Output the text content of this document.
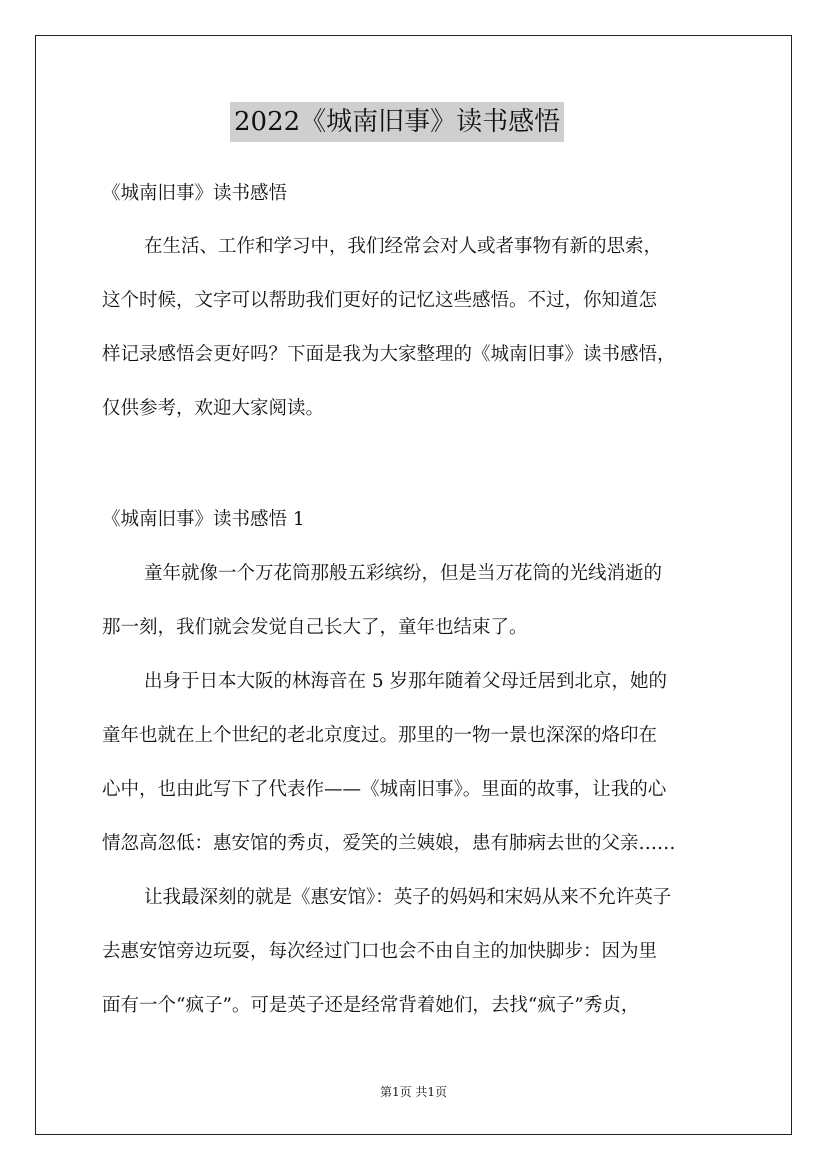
2022《城南旧事》读书感悟

《城南旧事》读书感悟

在生活、工作和学习中，我们经常会对人或者事物有新的思索，

这个时候，文字可以帮助我们更好的记忆这些感悟。不过，你知道怎

样记录感悟会更好吗？下面是我为大家整理的《城南旧事》读书感悟，

仅供参考，欢迎大家阅读。

《城南旧事》读书感悟 1

童年就像一个万花筒那般五彩缤纷，但是当万花筒的光线消逝的

那一刻，我们就会发觉自己长大了，童年也结束了。

出身于日本大阪的林海音在 5 岁那年随着父母迁居到北京，她的

童年也就在上个世纪的老北京度过。那里的一物一景也深深的烙印在

心中，也由此写下了代表作——《城南旧事》。里面的故事，让我的心

情忽高忽低：惠安馆的秀贞，爱笑的兰姨娘，患有肺病去世的父亲……

让我最深刻的就是《惠安馆》：英子的妈妈和宋妈从来不允许英子

去惠安馆旁边玩耍，每次经过门口也会不由自主的加快脚步：因为里

面有一个“疯子”。可是英子还是经常背着她们，去找“疯子”秀贞，

第1页 共1页
